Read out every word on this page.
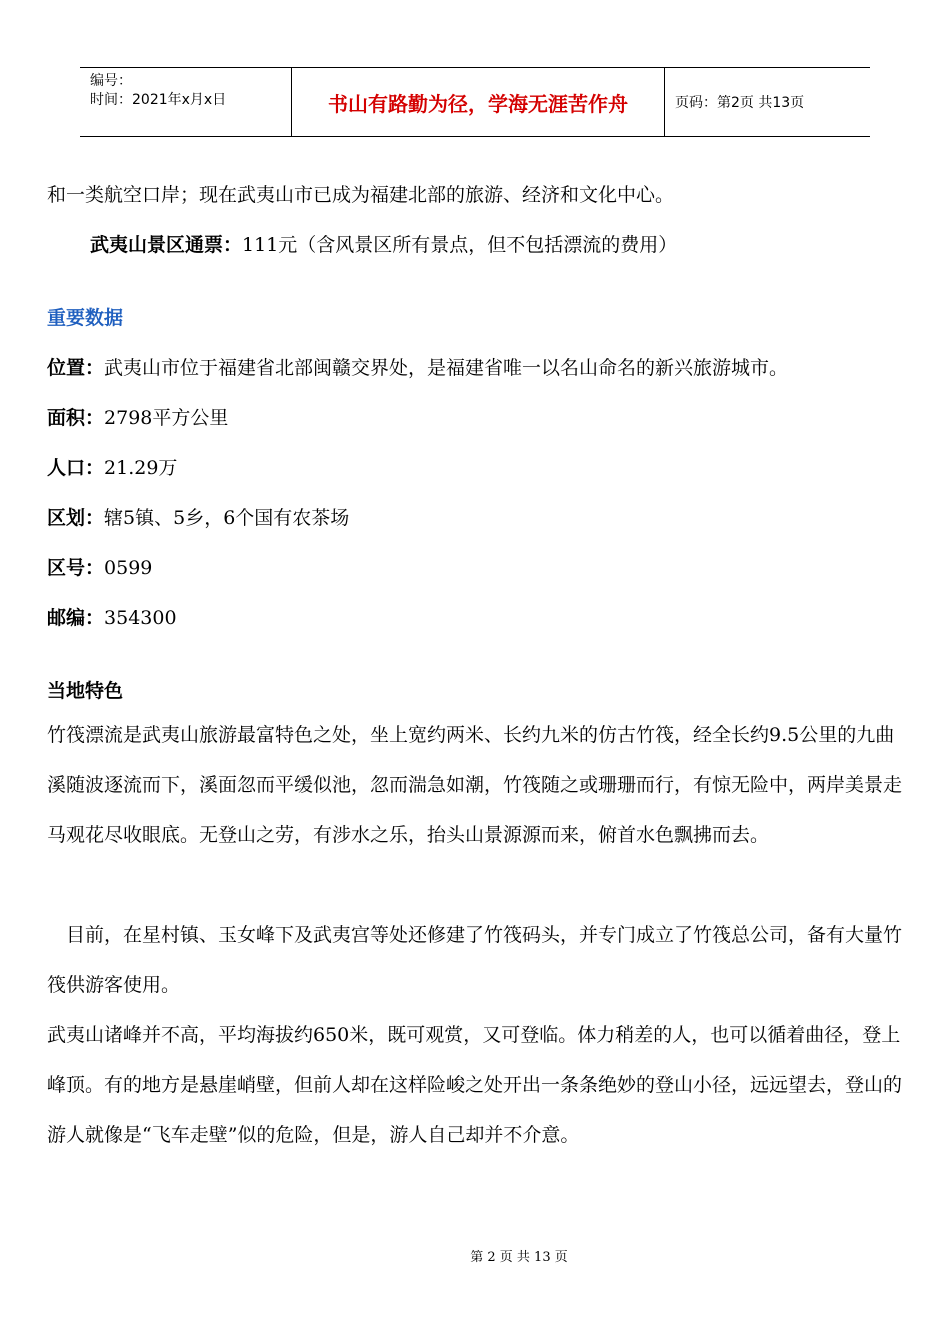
编号：
时间：2021年x月x日	书山有路勤为径，学海无涯苦作舟	页码：第2页 共13页
和一类航空口岸；现在武夷山市已成为福建北部的旅游、经济和文化中心。
武夷山景区通票：111元（含风景区所有景点，但不包括漂流的费用）
重要数据
位置：武夷山市位于福建省北部闽赣交界处，是福建省唯一以名山命名的新兴旅游城市。
面积：2798平方公里
人口：21.29万
区划：辖5镇、5乡，6个国有农茶场
区号：0599
邮编：354300
当地特色
竹筏漂流是武夷山旅游最富特色之处，坐上宽约两米、长约九米的仿古竹筏，经全长约9.5公里的九曲溪随波逐流而下，溪面忽而平缓似池，忽而湍急如潮，竹筏随之或珊珊而行，有惊无险中，两岸美景走马观花尽收眼底。无登山之劳，有涉水之乐，抬头山景源源而来，俯首水色飘拂而去。
　目前，在星村镇、玉女峰下及武夷宫等处还修建了竹筏码头，并专门成立了竹筏总公司，备有大量竹筏供游客使用。
武夷山诸峰并不高，平均海拔约650米，既可观赏，又可登临。体力稍差的人，也可以循着曲径，登上峰顶。有的地方是悬崖峭壁，但前人却在这样险峻之处开出一条条绝妙的登山小径，远远望去，登山的游人就像是“飞车走壁”似的危险，但是，游人自己却并不介意。
第 2 页 共 13 页
